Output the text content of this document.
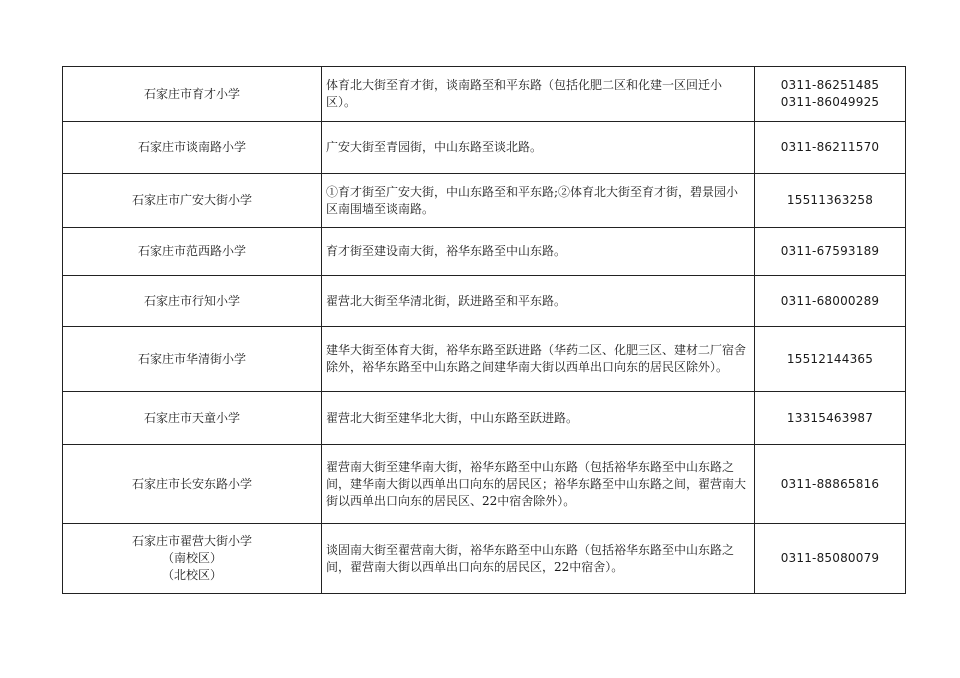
石家庄市育才小学	体育北大街至育才街，谈南路至和平东路（包括化肥二区和化建一区回迁小区）。	0311-86251485
0311-86049925

石家庄市谈南路小学	广安大街至青园街，中山东路至谈北路。	0311-86211570

石家庄市广安大街小学	①育才街至广安大街，中山东路至和平东路;②体育北大街至育才街，碧景园小区南围墙至谈南路。	15511363258

石家庄市范西路小学	育才街至建设南大街，裕华东路至中山东路。	0311-67593189

石家庄市行知小学	翟营北大街至华清北街，跃进路至和平东路。	0311-68000289

石家庄市华清街小学	建华大街至体育大街，裕华东路至跃进路（华药二区、化肥三区、建材二厂宿舍除外，裕华东路至中山东路之间建华南大街以西单出口向东的居民区除外）。	15512144365

石家庄市天童小学	翟营北大街至建华北大街，中山东路至跃进路。	13315463987

石家庄市长安东路小学	翟营南大街至建华南大街，裕华东路至中山东路（包括裕华东路至中山东路之间，建华南大街以西单出口向东的居民区；裕华东路至中山东路之间，翟营南大街以西单出口向东的居民区、22中宿舍除外）。	0311-88865816

石家庄市翟营大街小学
（南校区）
（北校区）	谈固南大街至翟营南大街，裕华东路至中山东路（包括裕华东路至中山东路之间，翟营南大街以西单出口向东的居民区，22中宿舍）。	0311-85080079
